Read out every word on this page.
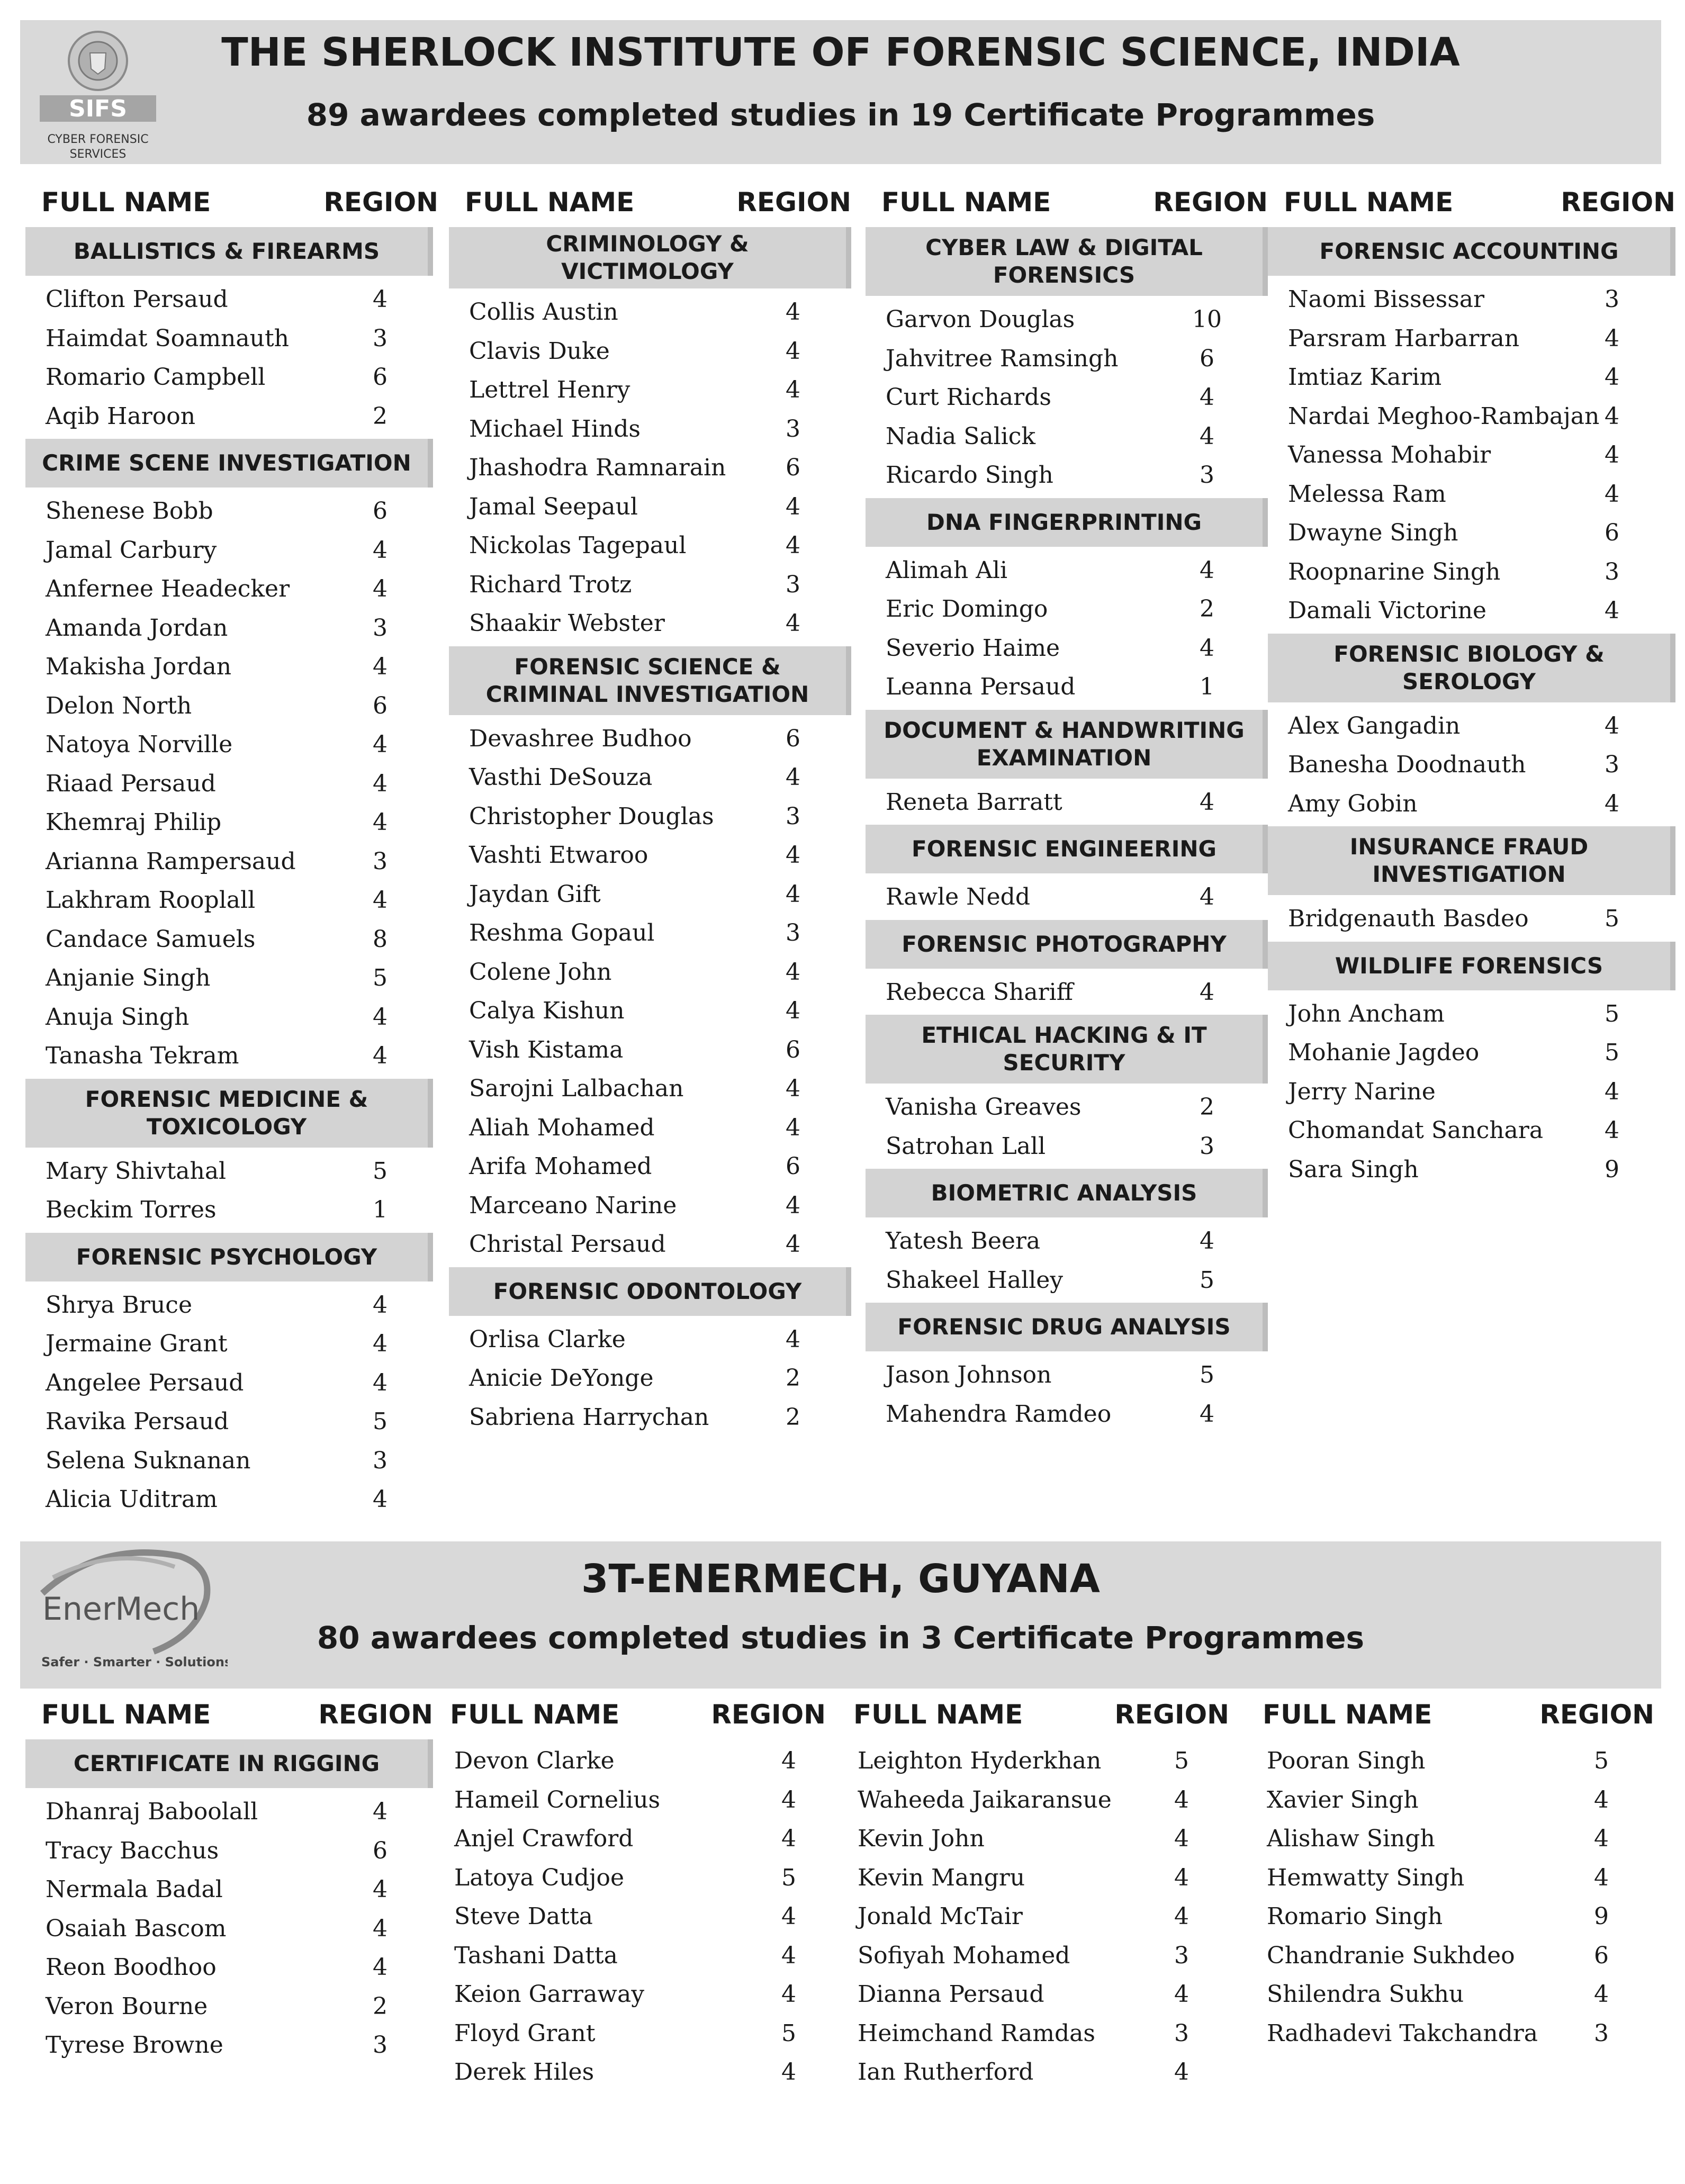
THE SHERLOCK INSTITUTE OF FORENSIC SCIENCE, INDIA
89 awardees completed studies in 19 Certificate Programmes
SIFS
CYBER FORENSIC
SERVICES
FULL NAME	REGION
BALLISTICS & FIREARMS
Clifton Persaud	4
Haimdat Soamnauth	3
Romario Campbell	6
Aqib Haroon	2
CRIME SCENE INVESTIGATION
Shenese Bobb	6
Jamal Carbury	4
Anfernee Headecker	4
Amanda Jordan	3
Makisha Jordan	4
Delon North	6
Natoya Norville	4
Riaad Persaud	4
Khemraj Philip	4
Arianna Rampersaud	3
Lakhram Rooplall	4
Candace Samuels	8
Anjanie Singh	5
Anuja Singh	4
Tanasha Tekram	4
FORENSIC MEDICINE & TOXICOLOGY
Mary Shivtahal	5
Beckim Torres	1
FORENSIC PSYCHOLOGY
Shrya Bruce	4
Jermaine Grant	4
Angelee Persaud	4
Ravika Persaud	5
Selena Suknanan	3
Alicia Uditram	4
FULL NAME	REGION
CRIMINOLOGY & VICTIMOLOGY
Collis Austin	4
Clavis Duke	4
Lettrel Henry	4
Michael Hinds	3
Jhashodra Ramnarain	6
Jamal Seepaul	4
Nickolas Tagepaul	4
Richard Trotz	3
Shaakir Webster	4
FORENSIC SCIENCE & CRIMINAL INVESTIGATION
Devashree Budhoo	6
Vasthi DeSouza	4
Christopher Douglas	3
Vashti Etwaroo	4
Jaydan Gift	4
Reshma Gopaul	3
Colene John	4
Calya Kishun	4
Vish Kistama	6
Sarojni Lalbachan	4
Aliah Mohamed	4
Arifa Mohamed	6
Marceano Narine	4
Christal Persaud	4
FORENSIC ODONTOLOGY
Orlisa Clarke	4
Anicie DeYonge	2
Sabriena Harrychan	2
FULL NAME	REGION
CYBER LAW & DIGITAL FORENSICS
Garvon Douglas	10
Jahvitree Ramsingh	6
Curt Richards	4
Nadia Salick	4
Ricardo Singh	3
DNA FINGERPRINTING
Alimah Ali	4
Eric Domingo	2
Severio Haime	4
Leanna Persaud	1
DOCUMENT & HANDWRITING EXAMINATION
Reneta Barratt	4
FORENSIC ENGINEERING
Rawle Nedd	4
FORENSIC PHOTOGRAPHY
Rebecca Shariff	4
ETHICAL HACKING & IT SECURITY
Vanisha Greaves	2
Satrohan Lall	3
BIOMETRIC ANALYSIS
Yatesh Beera	4
Shakeel Halley	5
FORENSIC DRUG ANALYSIS
Jason Johnson	5
Mahendra Ramdeo	4
FULL NAME	REGION
FORENSIC ACCOUNTING
Naomi Bissessar	3
Parsram Harbarran	4
Imtiaz Karim	4
Nardai Meghoo-Rambajan 4
Vanessa Mohabir	4
Melessa Ram	4
Dwayne Singh	6
Roopnarine Singh	3
Damali Victorine	4
FORENSIC BIOLOGY & SEROLOGY
Alex Gangadin	4
Banesha Doodnauth	3
Amy Gobin	4
INSURANCE FRAUD INVESTIGATION
Bridgenauth Basdeo	5
WILDLIFE FORENSICS
John Ancham	5
Mohanie Jagdeo	5
Jerry Narine	4
Chomandat Sanchara	4
Sara Singh	9
3T-ENERMECH, GUYANA
80 awardees completed studies in 3 Certificate Programmes
EnerMech
Safer · Smarter · Solutions
FULL NAME	REGION
CERTIFICATE IN RIGGING
Dhanraj Baboolall	4
Tracy Bacchus	6
Nermala Badal	4
Osaiah Bascom	4
Reon Boodhoo	4
Veron Bourne	2
Tyrese Browne	3
FULL NAME	REGION
Devon Clarke	4
Hameil Cornelius	4
Anjel Crawford	4
Latoya Cudjoe	5
Steve Datta	4
Tashani Datta	4
Keion Garraway	4
Floyd Grant	5
Derek Hiles	4
FULL NAME	REGION
Leighton Hyderkhan	5
Waheeda Jaikaransue	4
Kevin John	4
Kevin Mangru	4
Jonald McTair	4
Sofiyah Mohamed	3
Dianna Persaud	4
Heimchand Ramdas	3
Ian Rutherford	4
FULL NAME	REGION
Pooran Singh	5
Xavier Singh	4
Alishaw Singh	4
Hemwatty Singh	4
Romario Singh	9
Chandranie Sukhdeo	6
Shilendra Sukhu	4
Radhadevi Takchandra	3
